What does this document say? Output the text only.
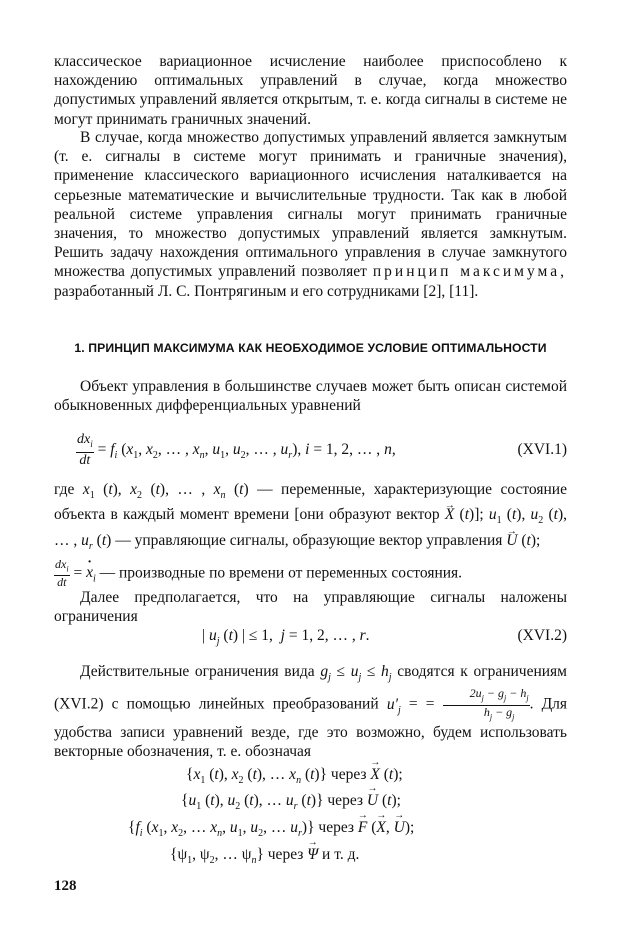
классическое вариационное исчисление наиболее приспособлено к нахождению оптимальных управлений в случае, когда множество допустимых управлений является открытым, т. е. когда сигналы в системе не могут принимать граничных значений.

В случае, когда множество допустимых управлений является замкнутым (т. е. сигналы в системе могут принимать и граничные значения), применение классического вариационного исчисления наталкивается на серьезные математические и вычислительные трудности. Так как в любой реальной системе управления сигналы могут принимать граничные значения, то множество допустимых управлений является замкнутым. Решить задачу нахождения оптимального управления в случае замкнутого множества допустимых управлений позволяет принцип максимума, разработанный Л. С. Понтрягиным и его сотрудниками [2], [11].

1. ПРИНЦИП МАКСИМУМА КАК НЕОБХОДИМОЕ УСЛОВИЕ ОПТИМАЛЬНОСТИ

Объект управления в большинстве случаев может быть описан системой обыкновенных дифференциальных уравнений

$\frac{dx_i}{dt} = f_i$ ($x_1$, $x_2$, … , $x_n$, $u_1$, $u_2$, … , $u_r$), i = 1, 2, … , n,	(XVI.1)

где $x_1$ (t), $x_2$ (t), … , $x_n$ (t) — переменные, характеризующие состояние объекта в каждый момент времени [они образуют вектор → X (t)]; $u_1$ (t), $u_2$ (t), … , $u_r$ (t) — управляющие сигналы, образующие вектор управления → U (t);

$\frac{dx_i}{dt}$ = · $x_i$ — производные по времени от переменных состояния.

Далее предполагается, что на управляющие сигналы наложены ограничения

| $u_j$ (t) | ≤ 1,  j = 1, 2, … , r.	(XVI.2)

Действительные ограничения вида $g_j \le u_j \le h_j$ сводятся к ограничениям (XVI.2) с помощью линейных преобразований $u'_j$ = = $\frac{2u_j - g_j - h_j}{h_j - g_j}$ . Для удобства записи уравнений везде, где это возможно, будем использовать векторные обозначения, т. е. обозначая

{$x_1$ (t), $x_2$ (t), … $x_n$ (t)} через → X (t);
{$u_1$ (t), $u_2$ (t), … $u_r$ (t)} через → U (t);
{$f_i$ ($x_1$, $x_2$, … $x_n$, $u_1$, $u_2$, … $u_r$)} через → F (→ X, → U);
{$\psi_1$, $\psi_2$, … $\psi_n$} через → Ψ и т. д.
128
